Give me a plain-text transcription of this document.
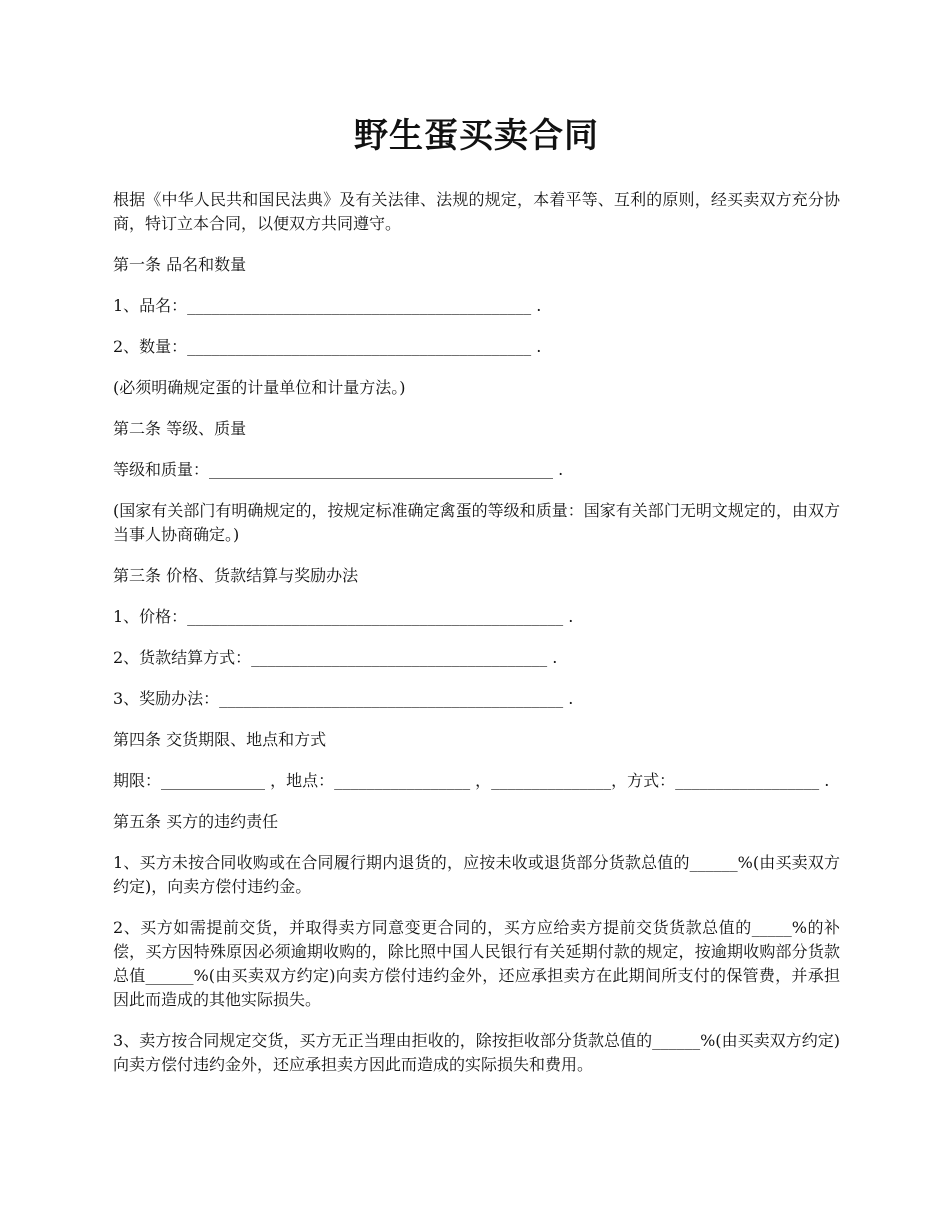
野生蛋买卖合同

根据《中华人民共和国民法典》及有关法律、法规的规定，本着平等、互利的原则，经买卖双方充分协商，特订立本合同，以便双方共同遵守。

第一条 品名和数量

1、品名：___________________________________________ .

2、数量：___________________________________________ .

(必须明确规定蛋的计量单位和计量方法。)

第二条 等级、质量

等级和质量：___________________________________________ .

(国家有关部门有明确规定的，按规定标准确定禽蛋的等级和质量：国家有关部门无明文规定的，由双方当事人协商确定。)

第三条 价格、货款结算与奖励办法

1、价格：_______________________________________________ .

2、货款结算方式：_____________________________________ .

3、奖励办法：___________________________________________ .

第四条 交货期限、地点和方式

期限：_____________ ，地点：_________________ ，_______________，方式：__________________ .

第五条 买方的违约责任

1、买方未按合同收购或在合同履行期内退货的，应按未收或退货部分货款总值的______%(由买卖双方约定)，向卖方偿付违约金。

2、买方如需提前交货，并取得卖方同意变更合同的，买方应给卖方提前交货货款总值的_____%的补偿，买方因特殊原因必须逾期收购的，除比照中国人民银行有关延期付款的规定，按逾期收购部分货款总值______%(由买卖双方约定)向卖方偿付违约金外，还应承担卖方在此期间所支付的保管费，并承担因此而造成的其他实际损失。

3、卖方按合同规定交货，买方无正当理由拒收的，除按拒收部分货款总值的______%(由买卖双方约定)向卖方偿付违约金外，还应承担卖方因此而造成的实际损失和费用。
